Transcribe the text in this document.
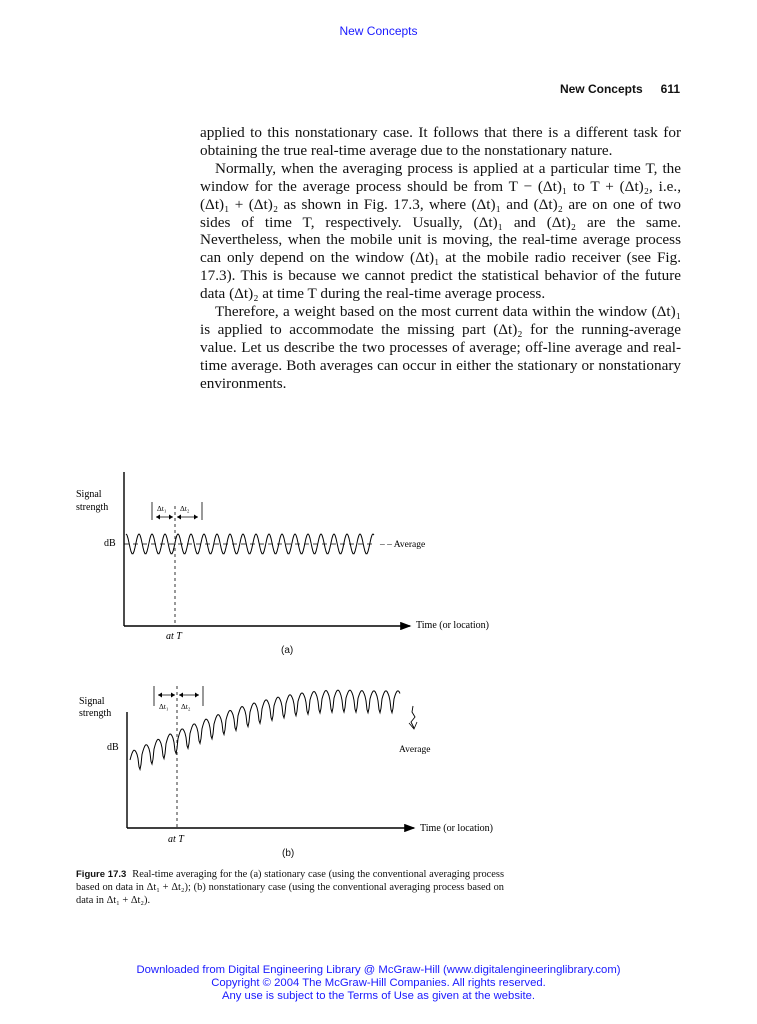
New Concepts
New Concepts 611

applied to this nonstationary case. It follows that there is a different task for obtaining the true real-time average due to the nonstationary nature.

Normally, when the averaging process is applied at a particular time T, the window for the average process should be from T − (Δt)₁ to T + (Δt)₂, i.e., (Δt)₁ + (Δt)₂ as shown in Fig. 17.3, where (Δt)₁ and (Δt)₂ are on one of two sides of time T, respectively. Usually, (Δt)₁ and (Δt)₂ are the same. Nevertheless, when the mobile unit is moving, the real-time average process can only depend on the window (Δt)₁ at the mobile radio receiver (see Fig. 17.3). This is because we cannot predict the statistical behavior of the future data (Δt)₂ at time T during the real-time average process.

Therefore, a weight based on the most current data within the window (Δt)₁ is applied to accommodate the missing part (Δt)₂ for the running-average value. Let us describe the two processes of average; off-line average and real-time average. Both averages can occur in either the stationary or nonstationary environments.

Signal
strength
dB
Time (or location)
– – Average
Δt₁ Δt₂
at T
(a)
Signal
strength
dB
Time (or location)
Δt₁ Δt₂
Average
at T
(b)
Figure 17.3 Real-time averaging for the (a) stationary case (using the conventional averaging process based on data in Δt₁ + Δt₂); (b) nonstationary case (using the conventional averaging process based on data in Δt₁ + Δt₂).
Downloaded from Digital Engineering Library @ McGraw-Hill (www.digitalengineeringlibrary.com)
Copyright © 2004 The McGraw-Hill Companies. All rights reserved.
Any use is subject to the Terms of Use as given at the website.
